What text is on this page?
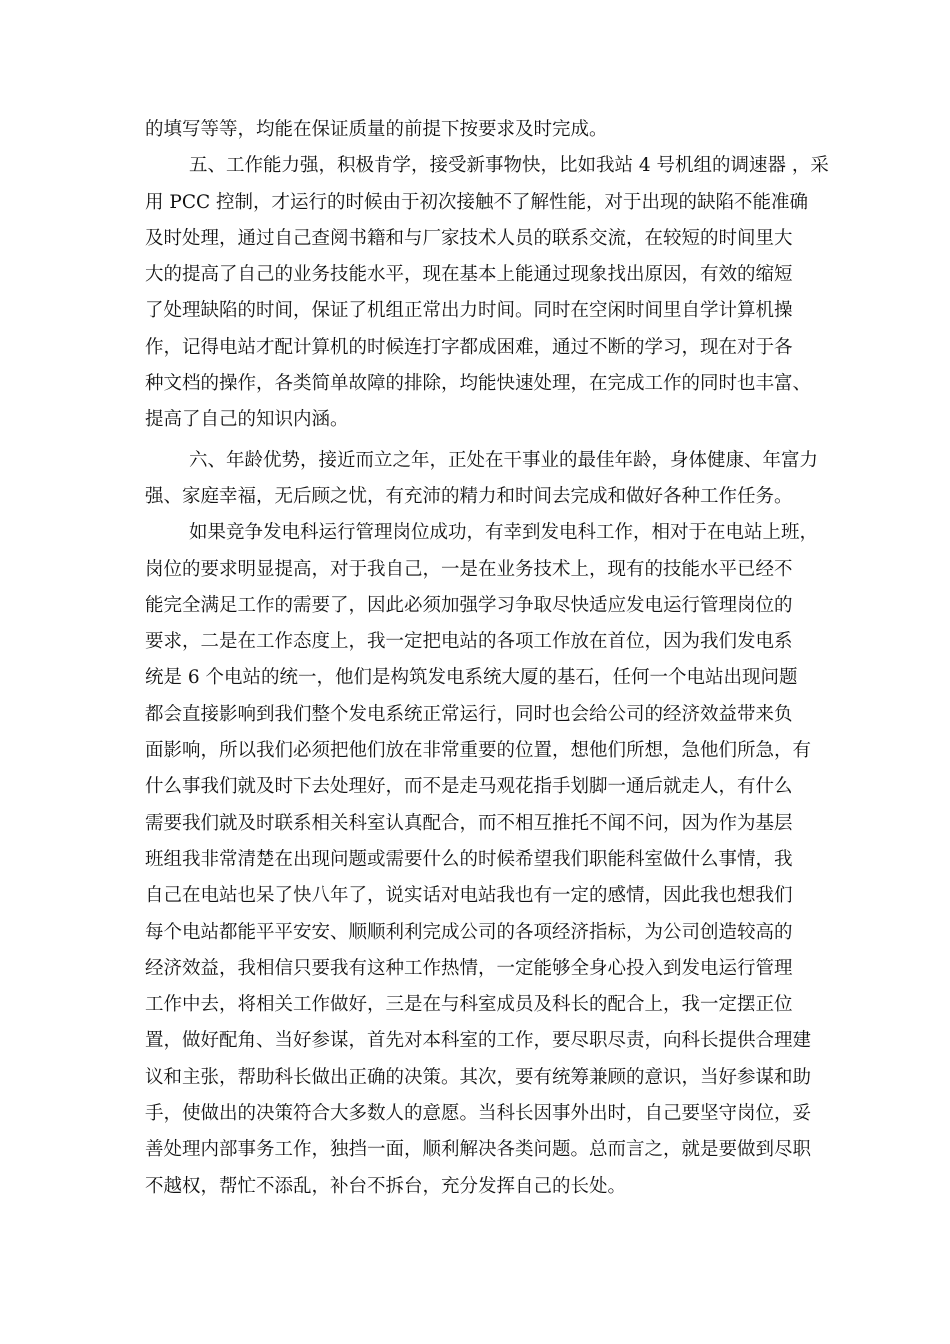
的填写等等，均能在保证质量的前提下按要求及时完成。
五、工作能力强，积极肯学，接受新事物快，比如我站 4 号机组的调速器 ，采
用 PCC 控制，才运行的时候由于初次接触不了解性能，对于出现的缺陷不能准确
及时处理，通过自己查阅书籍和与厂家技术人员的联系交流，在较短的时间里大
大的提高了自己的业务技能水平，现在基本上能通过现象找出原因，有效的缩短
了处理缺陷的时间，保证了机组正常出力时间。同时在空闲时间里自学计算机操
作，记得电站才配计算机的时候连打字都成困难，通过不断的学习，现在对于各
种文档的操作，各类简单故障的排除，均能快速处理，在完成工作的同时也丰富、
提高了自己的知识内涵。
六、年龄优势，接近而立之年，正处在干事业的最佳年龄，身体健康、年富力
强、家庭幸福，无后顾之忧，有充沛的精力和时间去完成和做好各种工作任务。
如果竞争发电科运行管理岗位成功，有幸到发电科工作，相对于在电站上班，
岗位的要求明显提高，对于我自己，一是在业务技术上，现有的技能水平已经不
能完全满足工作的需要了，因此必须加强学习争取尽快适应发电运行管理岗位的
要求，二是在工作态度上，我一定把电站的各项工作放在首位，因为我们发电系
统是 6 个电站的统一，他们是构筑发电系统大厦的基石，任何一个电站出现问题
都会直接影响到我们整个发电系统正常运行，同时也会给公司的经济效益带来负
面影响，所以我们必须把他们放在非常重要的位置，想他们所想，急他们所急，有
什么事我们就及时下去处理好，而不是走马观花指手划脚一通后就走人，有什么
需要我们就及时联系相关科室认真配合，而不相互推托不闻不问，因为作为基层
班组我非常清楚在出现问题或需要什么的时候希望我们职能科室做什么事情，我
自己在电站也呆了快八年了，说实话对电站我也有一定的感情，因此我也想我们
每个电站都能平平安安、顺顺利利完成公司的各项经济指标，为公司创造较高的
经济效益，我相信只要我有这种工作热情，一定能够全身心投入到发电运行管理
工作中去，将相关工作做好，三是在与科室成员及科长的配合上，我一定摆正位
置，做好配角、当好参谋，首先对本科室的工作，要尽职尽责，向科长提供合理建
议和主张，帮助科长做出正确的决策。其次，要有统筹兼顾的意识，当好参谋和助
手，使做出的决策符合大多数人的意愿。当科长因事外出时，自己要坚守岗位，妥
善处理内部事务工作，独挡一面，顺利解决各类问题。总而言之，就是要做到尽职
不越权，帮忙不添乱，补台不拆台，充分发挥自己的长处。
